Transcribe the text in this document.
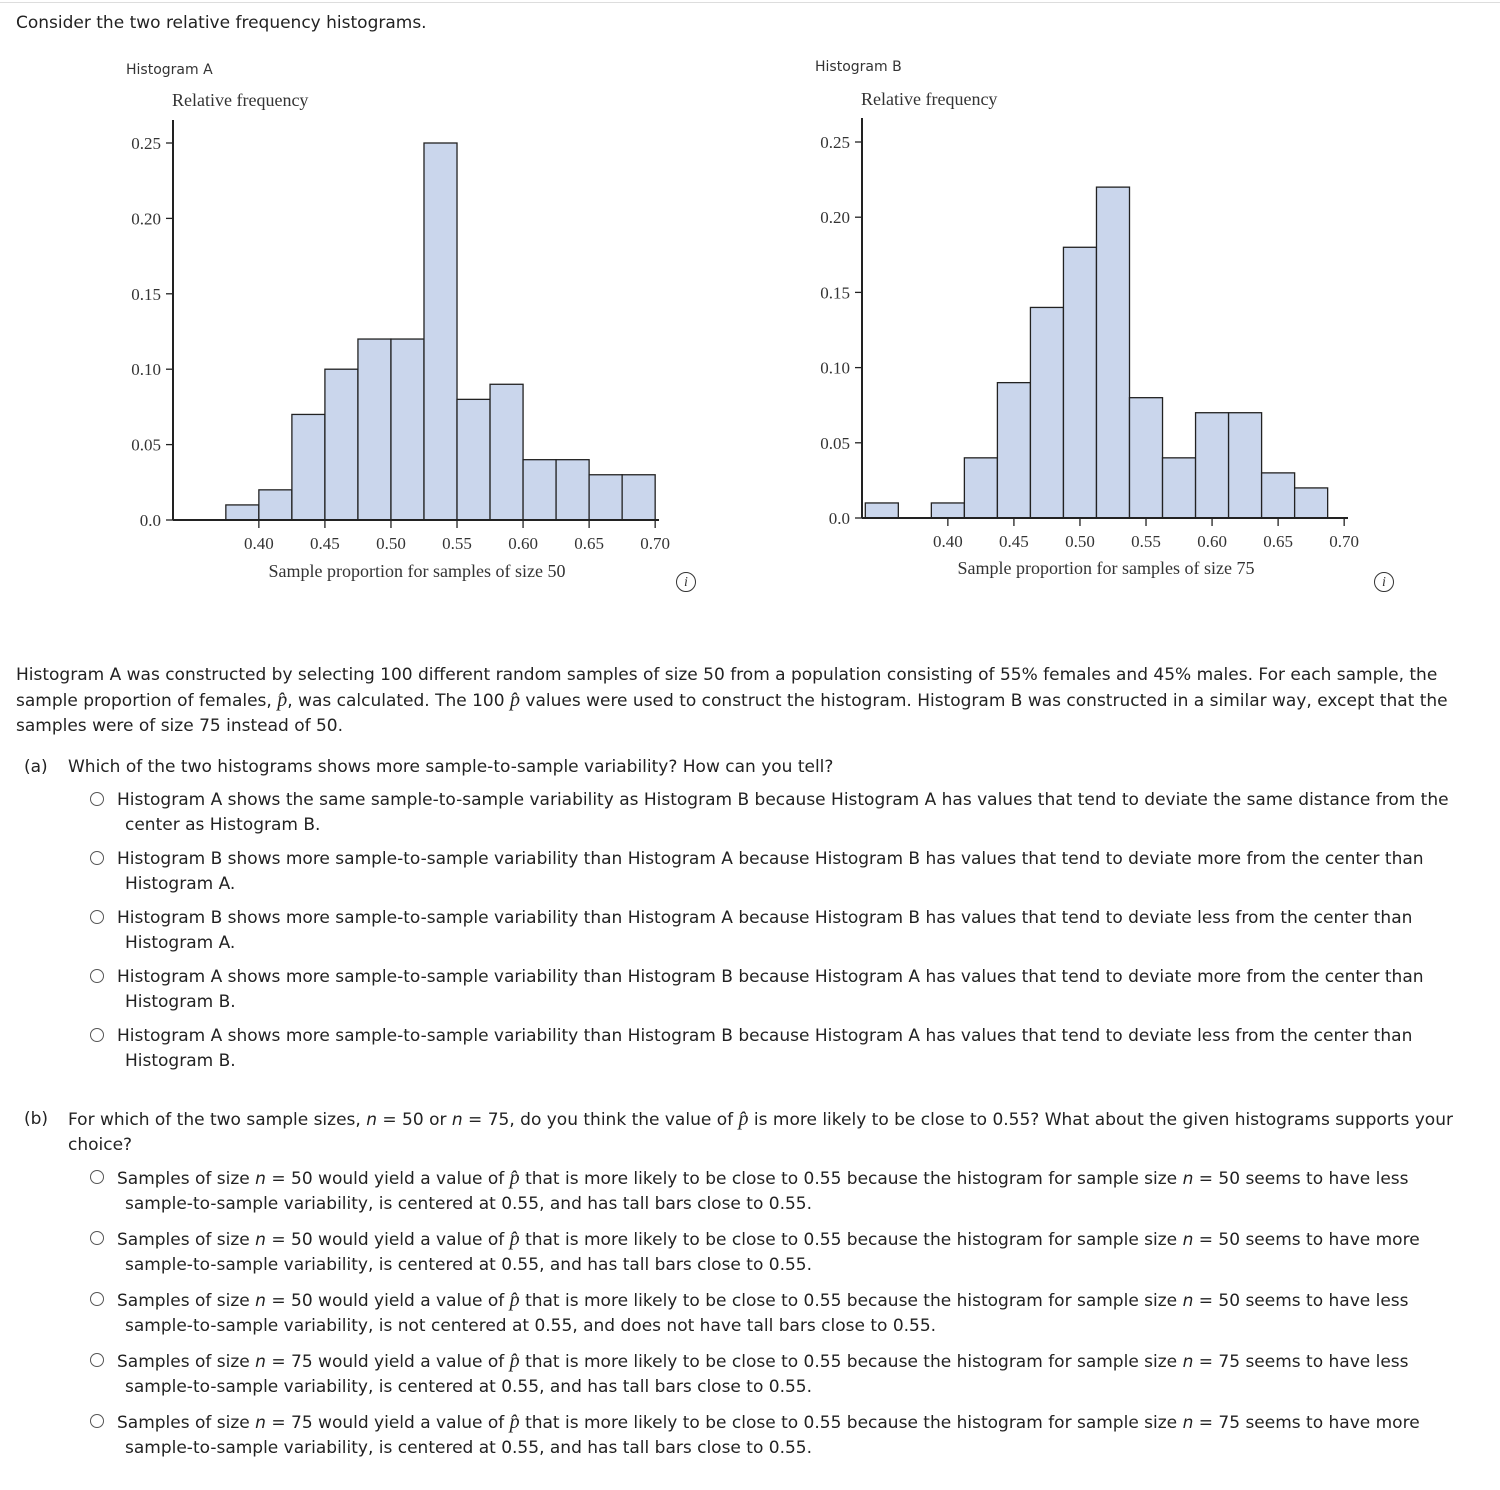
Consider the two relative frequency histograms.
Histogram A
Relative frequency
0.0
0.05
0.10
0.15
0.20
0.25
0.40 0.45 0.50 0.55 0.60 0.65 0.70
Sample proportion for samples of size 50
i
Histogram B
Relative frequency
0.0
0.05
0.10
0.15
0.20
0.25
0.40 0.45 0.50 0.55 0.60 0.65 0.70
Sample proportion for samples of size 75
i
Histogram A was constructed by selecting 100 different random samples of size 50 from a population consisting of 55% females and 45% males. For each sample, the sample proportion of females, p̂, was calculated. The 100 p̂ values were used to construct the histogram. Histogram B was constructed in a similar way, except that the samples were of size 75 instead of 50.
(a) Which of the two histograms shows more sample-to-sample variability? How can you tell?
Histogram A shows the same sample-to-sample variability as Histogram B because Histogram A has values that tend to deviate the same distance from the
center as Histogram B.
Histogram B shows more sample-to-sample variability than Histogram A because Histogram B has values that tend to deviate more from the center than
Histogram A.
Histogram B shows more sample-to-sample variability than Histogram A because Histogram B has values that tend to deviate less from the center than
Histogram A.
Histogram A shows more sample-to-sample variability than Histogram B because Histogram A has values that tend to deviate more from the center than
Histogram B.
Histogram A shows more sample-to-sample variability than Histogram B because Histogram A has values that tend to deviate less from the center than
Histogram B.
(b) For which of the two sample sizes, n = 50 or n = 75, do you think the value of p̂ is more likely to be close to 0.55? What about the given histograms supports your
choice?
Samples of size n = 50 would yield a value of p̂ that is more likely to be close to 0.55 because the histogram for sample size n = 50 seems to have less
sample-to-sample variability, is centered at 0.55, and has tall bars close to 0.55.
Samples of size n = 50 would yield a value of p̂ that is more likely to be close to 0.55 because the histogram for sample size n = 50 seems to have more
sample-to-sample variability, is centered at 0.55, and has tall bars close to 0.55.
Samples of size n = 50 would yield a value of p̂ that is more likely to be close to 0.55 because the histogram for sample size n = 50 seems to have less
sample-to-sample variability, is not centered at 0.55, and does not have tall bars close to 0.55.
Samples of size n = 75 would yield a value of p̂ that is more likely to be close to 0.55 because the histogram for sample size n = 75 seems to have less
sample-to-sample variability, is centered at 0.55, and has tall bars close to 0.55.
Samples of size n = 75 would yield a value of p̂ that is more likely to be close to 0.55 because the histogram for sample size n = 75 seems to have more
sample-to-sample variability, is centered at 0.55, and has tall bars close to 0.55.
